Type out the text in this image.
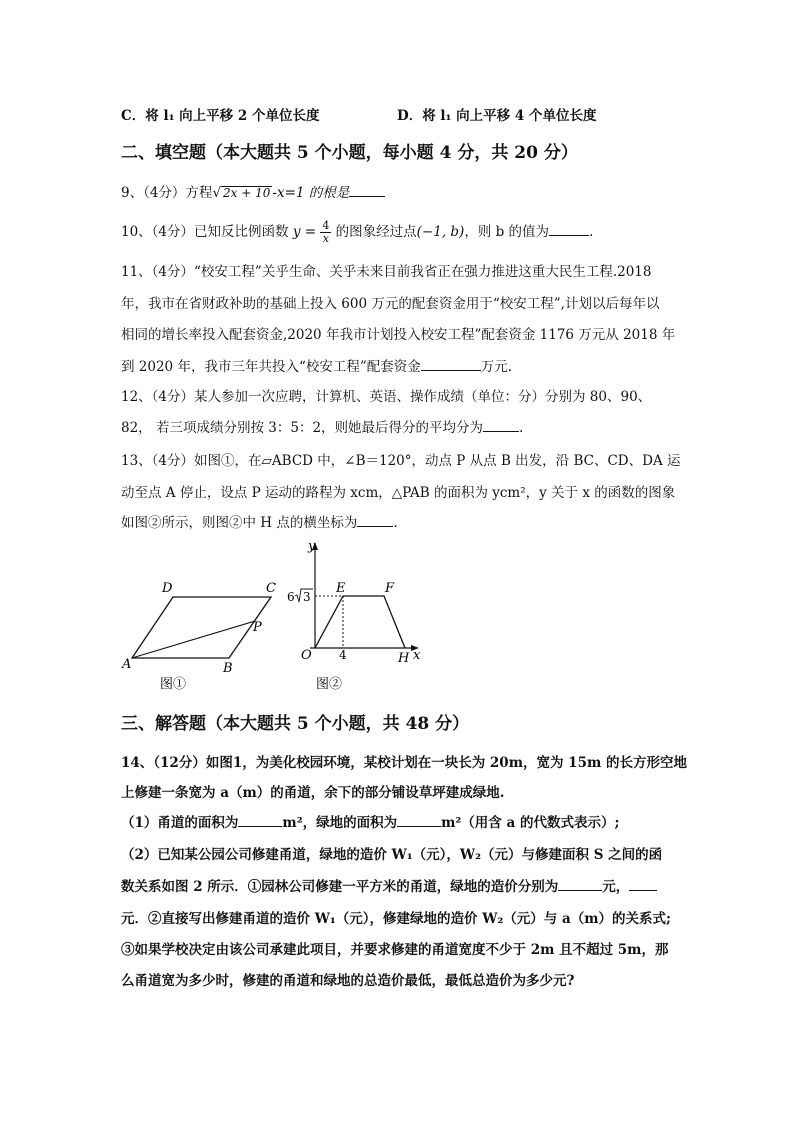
C．将 l₁ 向上平移 2 个单位长度	D．将 l₁ 向上平移 4 个单位长度
二、填空题（本大题共 5 个小题，每小题 4 分，共 20 分）
9、（4分）方程√ 2x + 10 -x=1 的根是
10、（4分）已知反比例函数 $y = \frac{4}{x}$ 的图象经过点(−1, b)，则 b 的值为	.
11、（4分）“校安工程”关乎生命、关乎未来目前我省正在强力推进这重大民生工程.2018
年，我市在省财政补助的基础上投入 600 万元的配套资金用于“校安工程”,计划以后每年以
相同的增长率投入配套资金,2020 年我市计划投入校安工程”配套资金 1176 万元从 2018 年
到 2020 年，我市三年共投入“校安工程”配套资金	万元.
12、（4分）某人参加一次应聘，计算机、英语、操作成绩（单位：分）分别为 80、90、
82， 若三项成绩分别按 3：5：2，则她最后得分的平均分为	.
13、（4分）如图①，在▱ABCD 中，∠B＝120°，动点 P 从点 B 出发，沿 BC、CD、DA 运
动至点 A 停止，设点 P 运动的路程为 xcm，△PAB 的面积为 ycm²，y 关于 x 的函数的图象
如图②所示，则图②中 H 点的横坐标为	.
D	C
P
A	B
图①
y
x
E	F
O	H
4
6 3
图②
三、解答题（本大题共 5 个小题，共 48 分）
14、（12分）如图1，为美化校园环境，某校计划在一块长为 20m，宽为 15m 的长方形空地
上修建一条宽为 a（m）的甬道，余下的部分铺设草坪建成绿地.
（1）甬道的面积为	m²，绿地的面积为	m²（用含 a 的代数式表示）;
（2）已知某公园公司修建甬道，绿地的造价 W₁（元），W₂（元）与修建面积 S 之间的函
数关系如图 2 所示．①园林公司修建一平方米的甬道，绿地的造价分别为	元，
元．②直接写出修建甬道的造价 W₁（元），修建绿地的造价 W₂（元）与 a（m）的关系式;
③如果学校决定由该公司承建此项目，并要求修建的甬道宽度不少于 2m 且不超过 5m，那
么甬道宽为多少时，修建的甬道和绿地的总造价最低，最低总造价为多少元?
